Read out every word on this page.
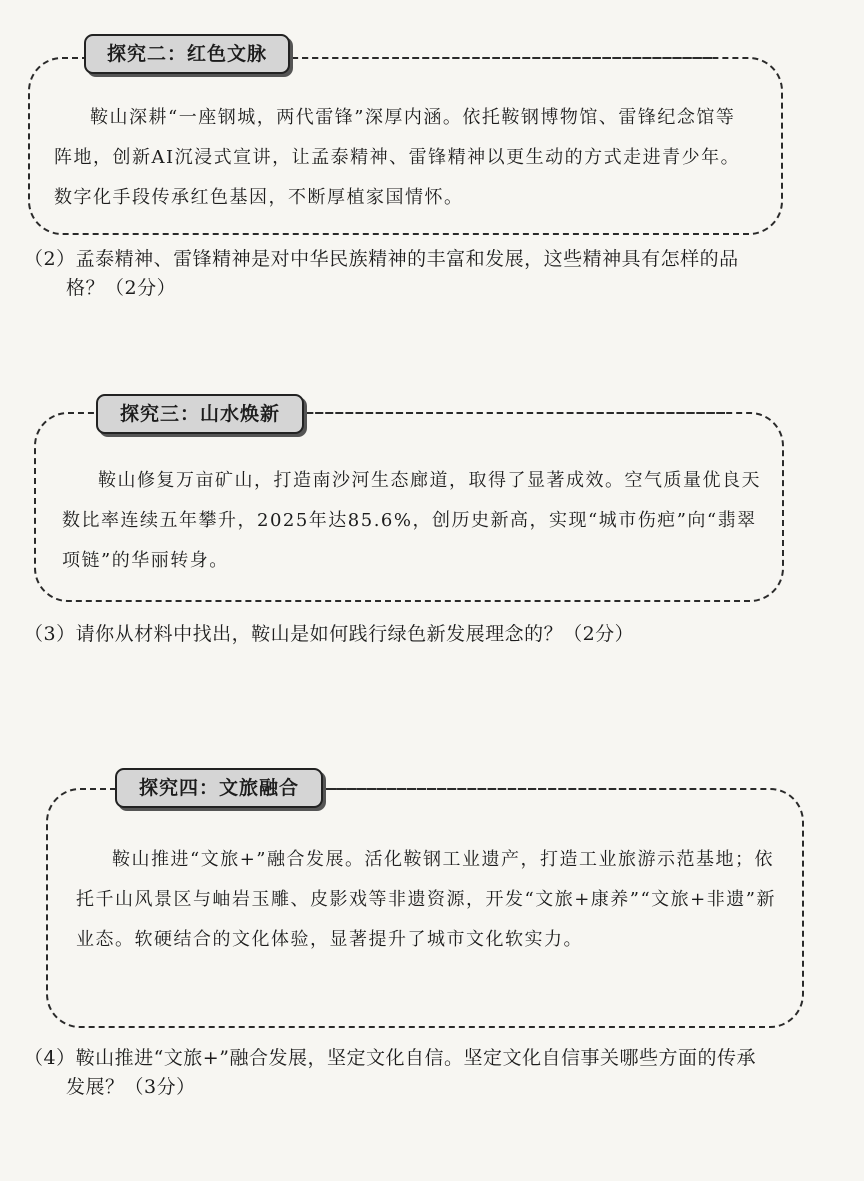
探究二：红色文脉

鞍山深耕“一座钢城，两代雷锋”深厚内涵。依托鞍钢博物馆、雷锋纪念馆等阵地，创新AI沉浸式宣讲，让孟泰精神、雷锋精神以更生动的方式走进青少年。数字化手段传承红色基因，不断厚植家国情怀。

（2）孟泰精神、雷锋精神是对中华民族精神的丰富和发展，这些精神具有怎样的品
格？（2分）

探究三：山水焕新

鞍山修复万亩矿山，打造南沙河生态廊道，取得了显著成效。空气质量优良天数比率连续五年攀升，2025年达85.6%，创历史新高，实现“城市伤疤”向“翡翠项链”的华丽转身。

（3）请你从材料中找出，鞍山是如何践行绿色新发展理念的？（2分）

探究四：文旅融合

鞍山推进“文旅+”融合发展。活化鞍钢工业遗产，打造工业旅游示范基地；依托千山风景区与岫岩玉雕、皮影戏等非遗资源，开发“文旅+康养”“文旅+非遗”新业态。软硬结合的文化体验，显著提升了城市文化软实力。

（4）鞍山推进“文旅+”融合发展，坚定文化自信。坚定文化自信事关哪些方面的传承
发展？（3分）
